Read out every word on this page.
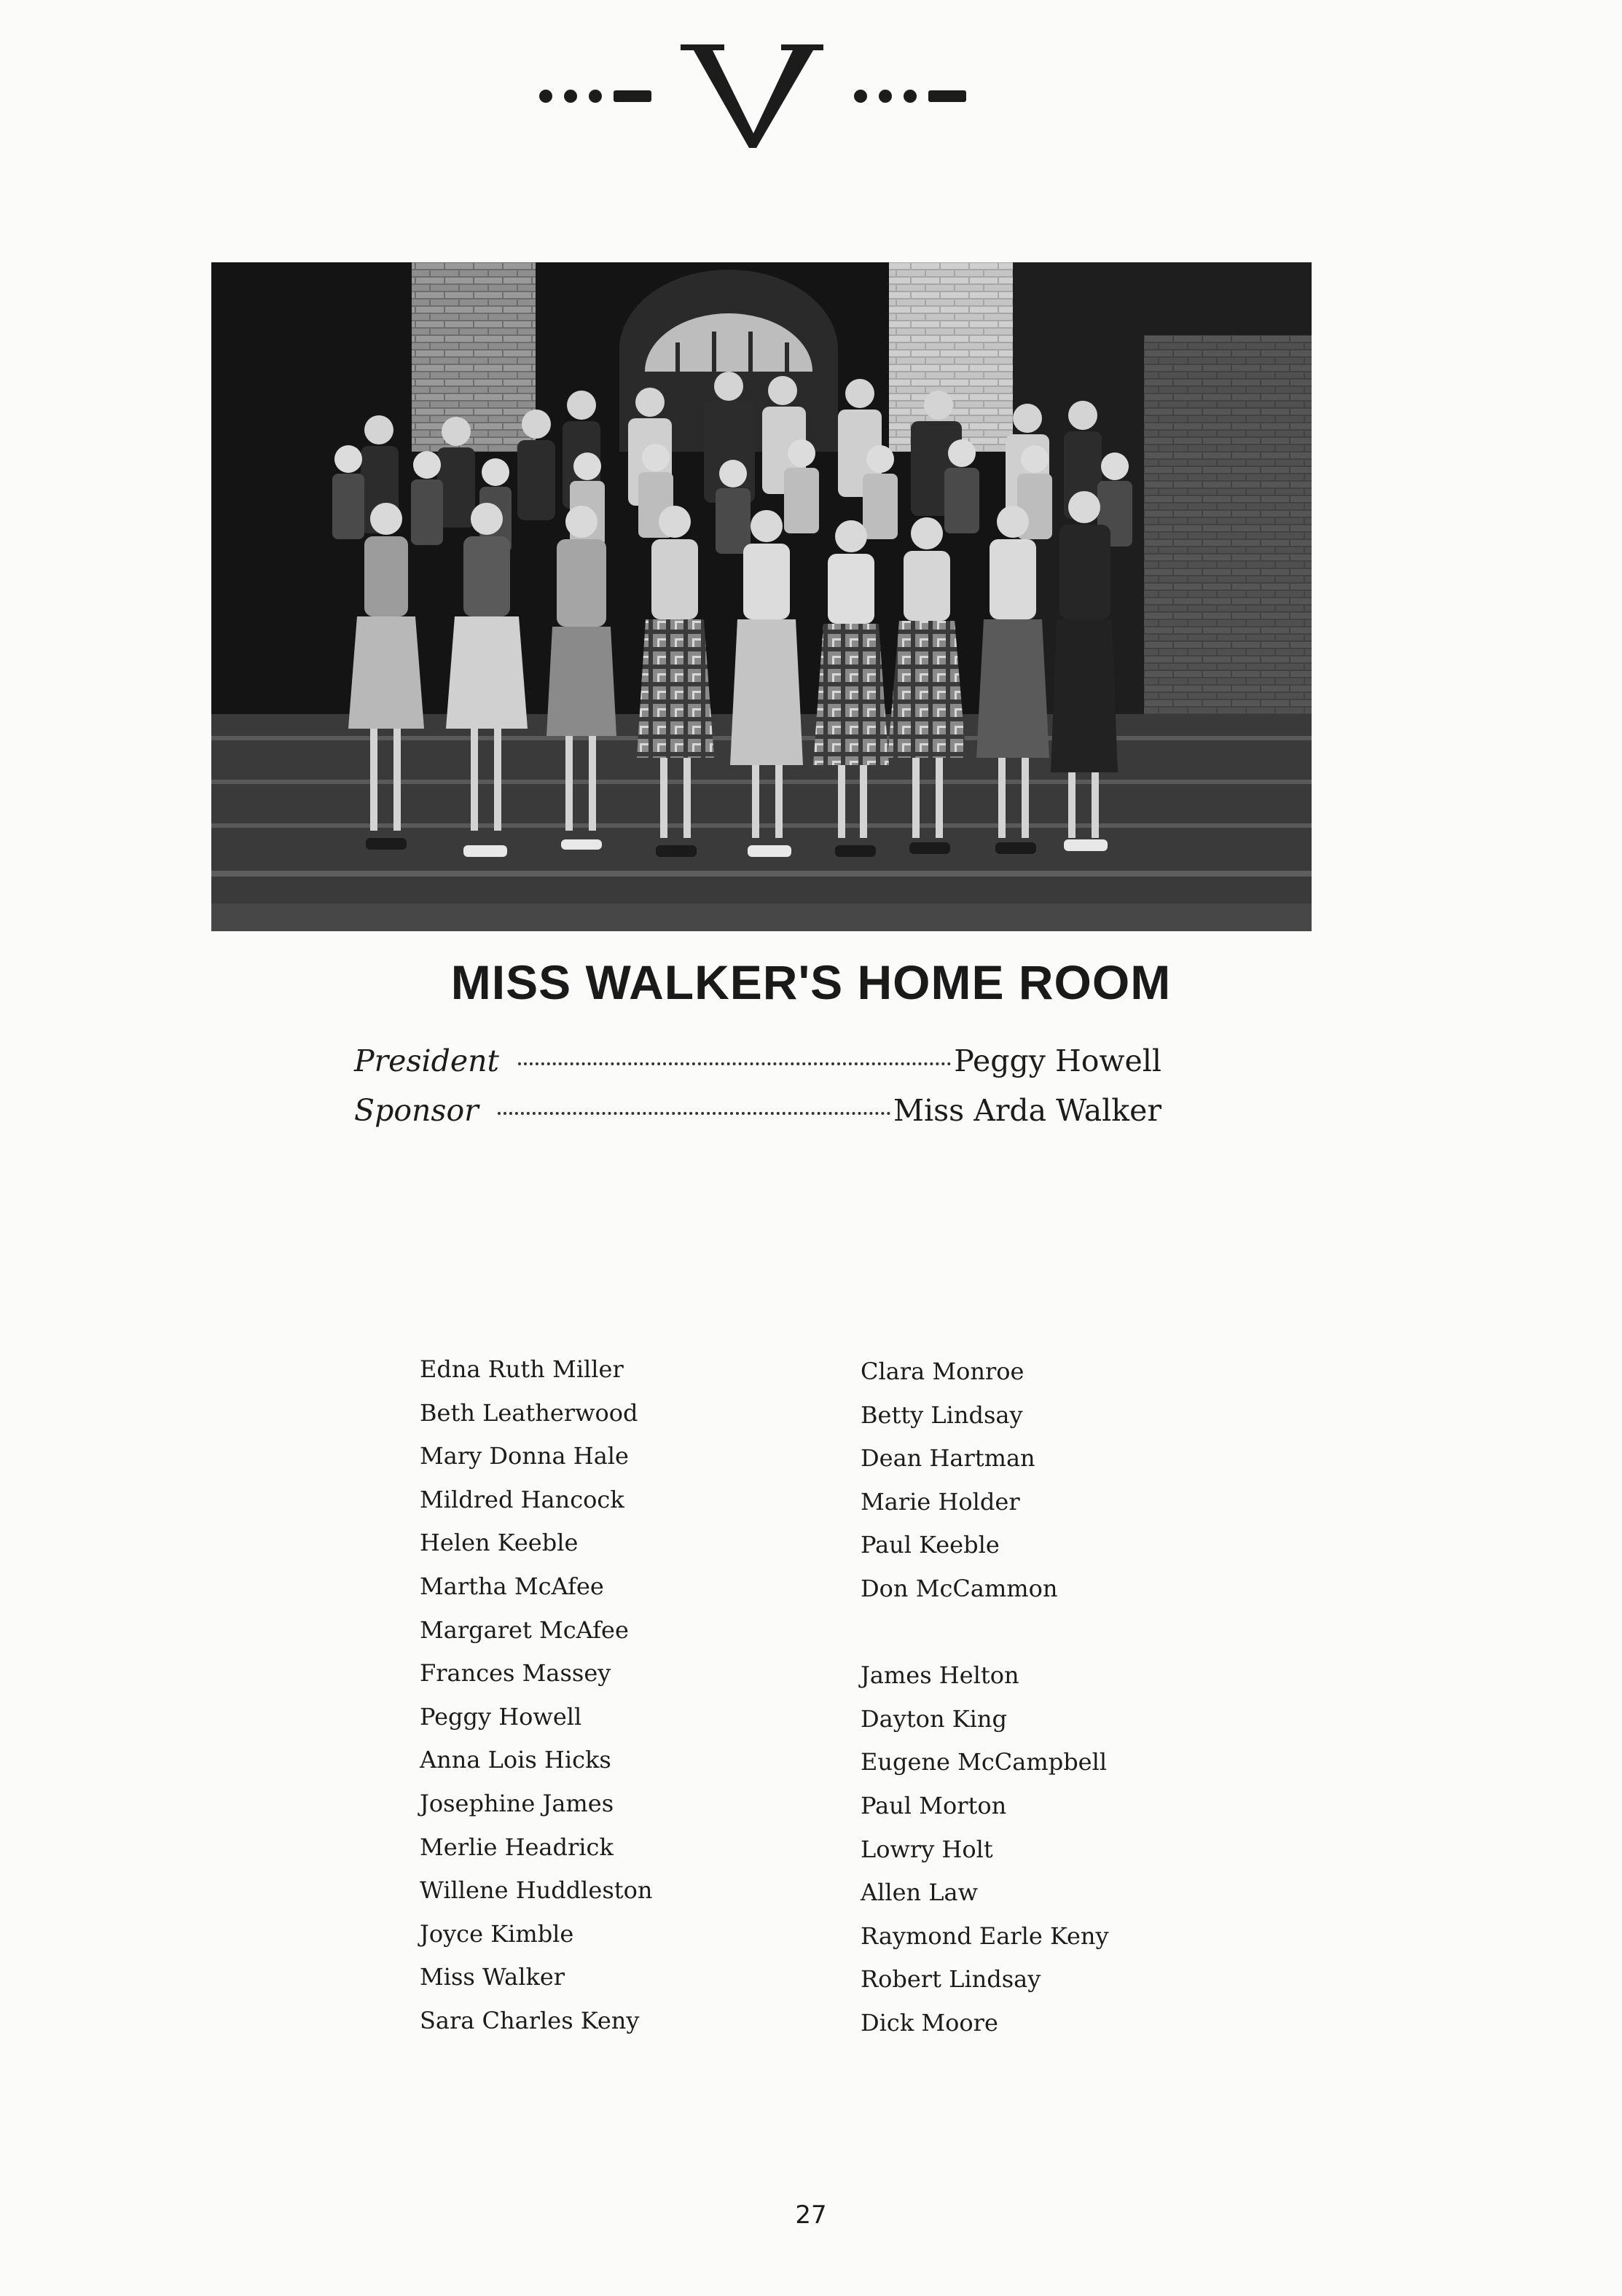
MISS WALKER'S HOME ROOM
President	Peggy Howell
Sponsor	Miss Arda Walker
Edna Ruth Miller
Beth Leatherwood
Mary Donna Hale
Mildred Hancock
Helen Keeble
Martha McAfee
Margaret McAfee
Frances Massey
Peggy Howell
Anna Lois Hicks
Josephine James
Merlie Headrick
Willene Huddleston
Joyce Kimble
Miss Walker
Sara Charles Keny
Clara Monroe
Betty Lindsay
Dean Hartman
Marie Holder
Paul Keeble
Don McCammon
James Helton
Dayton King
Eugene McCampbell
Paul Morton
Lowry Holt
Allen Law
Raymond Earle Keny
Robert Lindsay
Dick Moore
27
